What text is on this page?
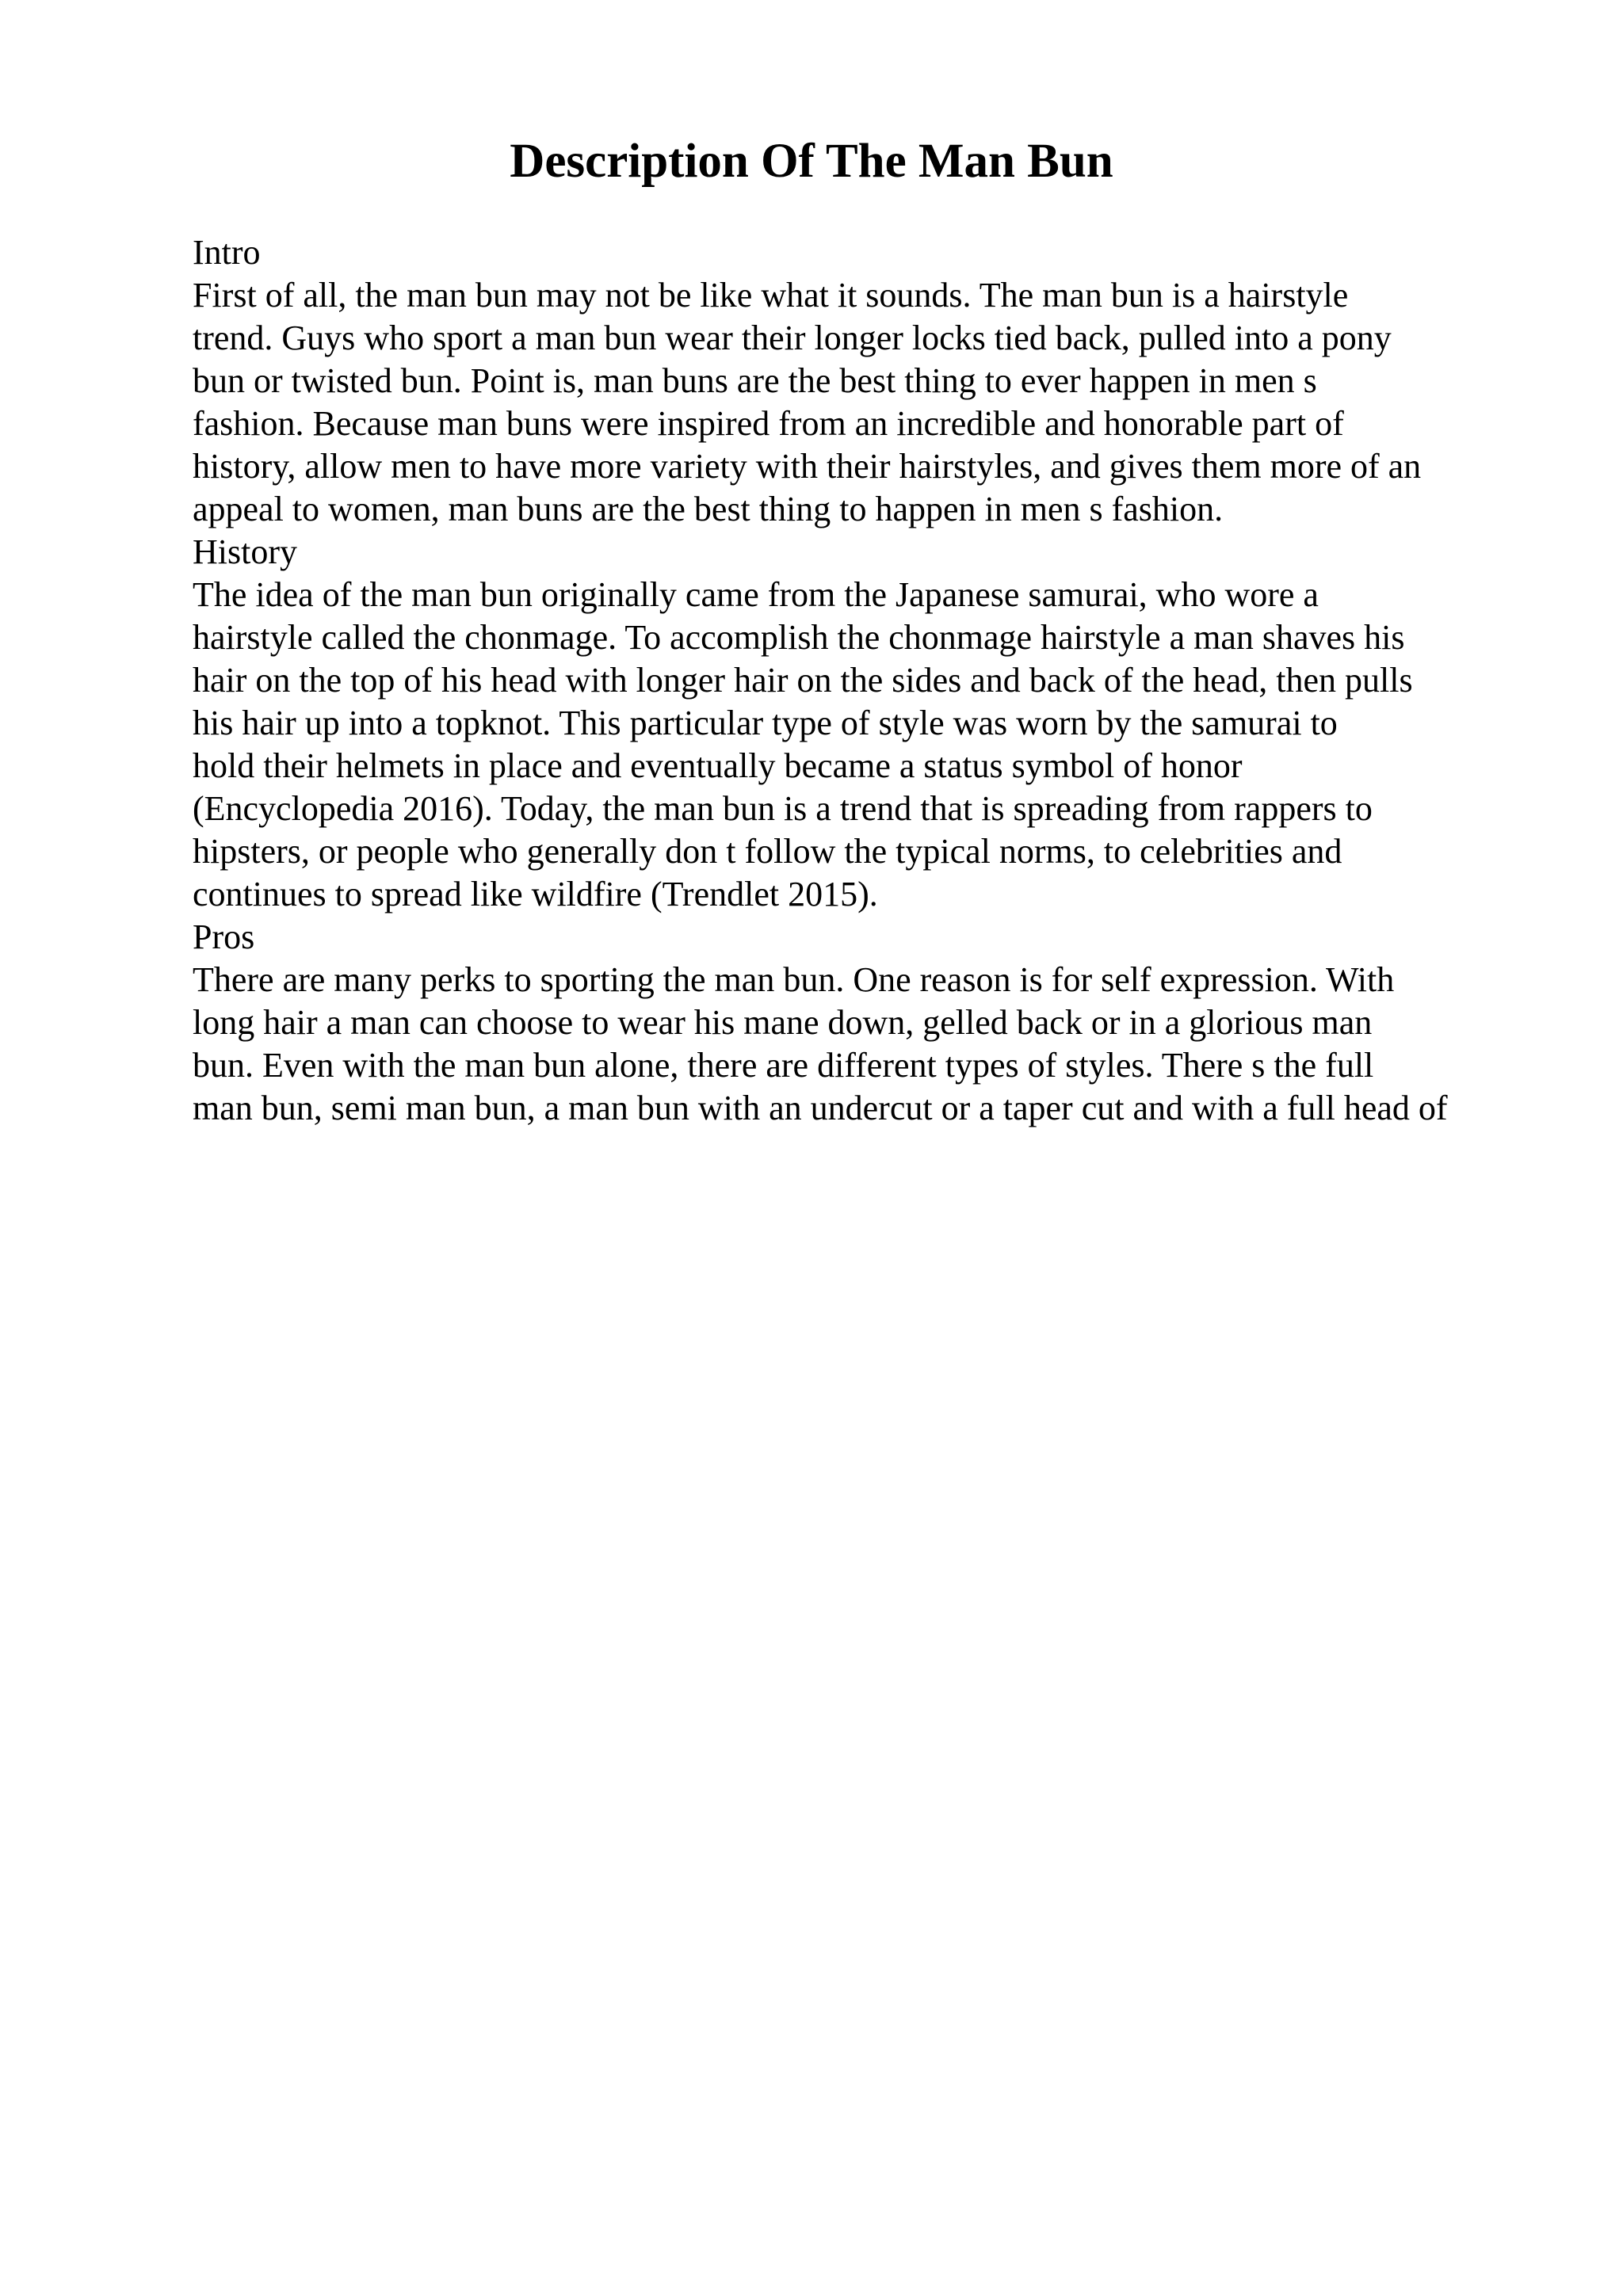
Description Of The Man Bun

Intro

First of all, the man bun may not be like what it sounds. The man bun is a hairstyle

trend. Guys who sport a man bun wear their longer locks tied back, pulled into a pony

bun or twisted bun. Point is, man buns are the best thing to ever happen in men s

fashion. Because man buns were inspired from an incredible and honorable part of

history, allow men to have more variety with their hairstyles, and gives them more of an

appeal to women, man buns are the best thing to happen in men s fashion.

History

The idea of the man bun originally came from the Japanese samurai, who wore a

hairstyle called the chonmage. To accomplish the chonmage hairstyle a man shaves his

hair on the top of his head with longer hair on the sides and back of the head, then pulls

his hair up into a topknot. This particular type of style was worn by the samurai to

hold their helmets in place and eventually became a status symbol of honor

(Encyclopedia 2016). Today, the man bun is a trend that is spreading from rappers to

hipsters, or people who generally don t follow the typical norms, to celebrities and

continues to spread like wildfire (Trendlet 2015).

Pros

There are many perks to sporting the man bun. One reason is for self expression. With

long hair a man can choose to wear his mane down, gelled back or in a glorious man

bun. Even with the man bun alone, there are different types of styles. There s the full

man bun, semi man bun, a man bun with an undercut or a taper cut and with a full head of
